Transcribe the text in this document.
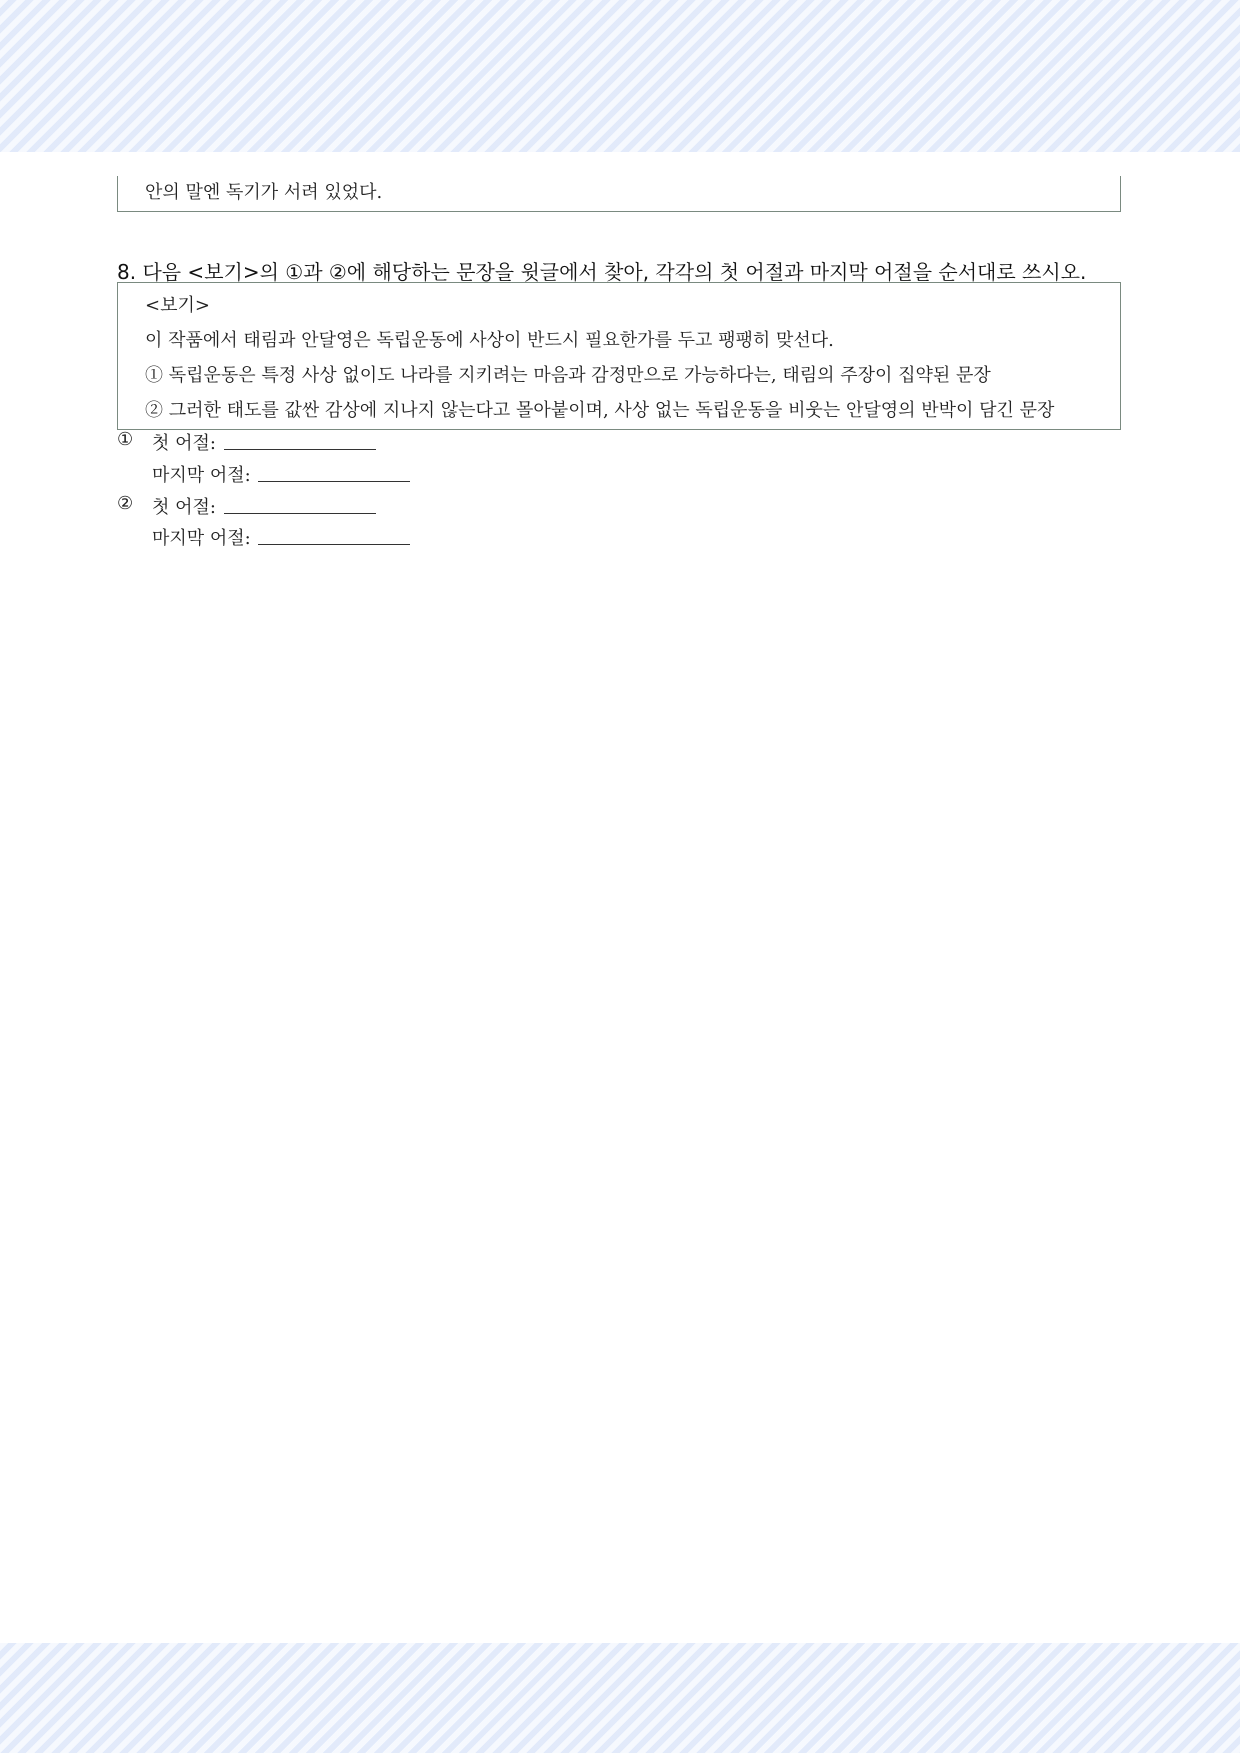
안의 말엔 독기가 서려 있었다.
8. 다음 <보기>의 ①과 ②에 해당하는 문장을 윗글에서 찾아, 각각의 첫 어절과 마지막 어절을 순서대로 쓰시오.
<보기>
이 작품에서 태림과 안달영은 독립운동에 사상이 반드시 필요한가를 두고 팽팽히 맞선다.
① 독립운동은 특정 사상 없이도 나라를 지키려는 마음과 감정만으로 가능하다는, 태림의 주장이 집약된 문장
② 그러한 태도를 값싼 감상에 지나지 않는다고 몰아붙이며, 사상 없는 독립운동을 비웃는 안달영의 반박이 담긴 문장
① 첫 어절:
마지막 어절:
② 첫 어절:
마지막 어절:
